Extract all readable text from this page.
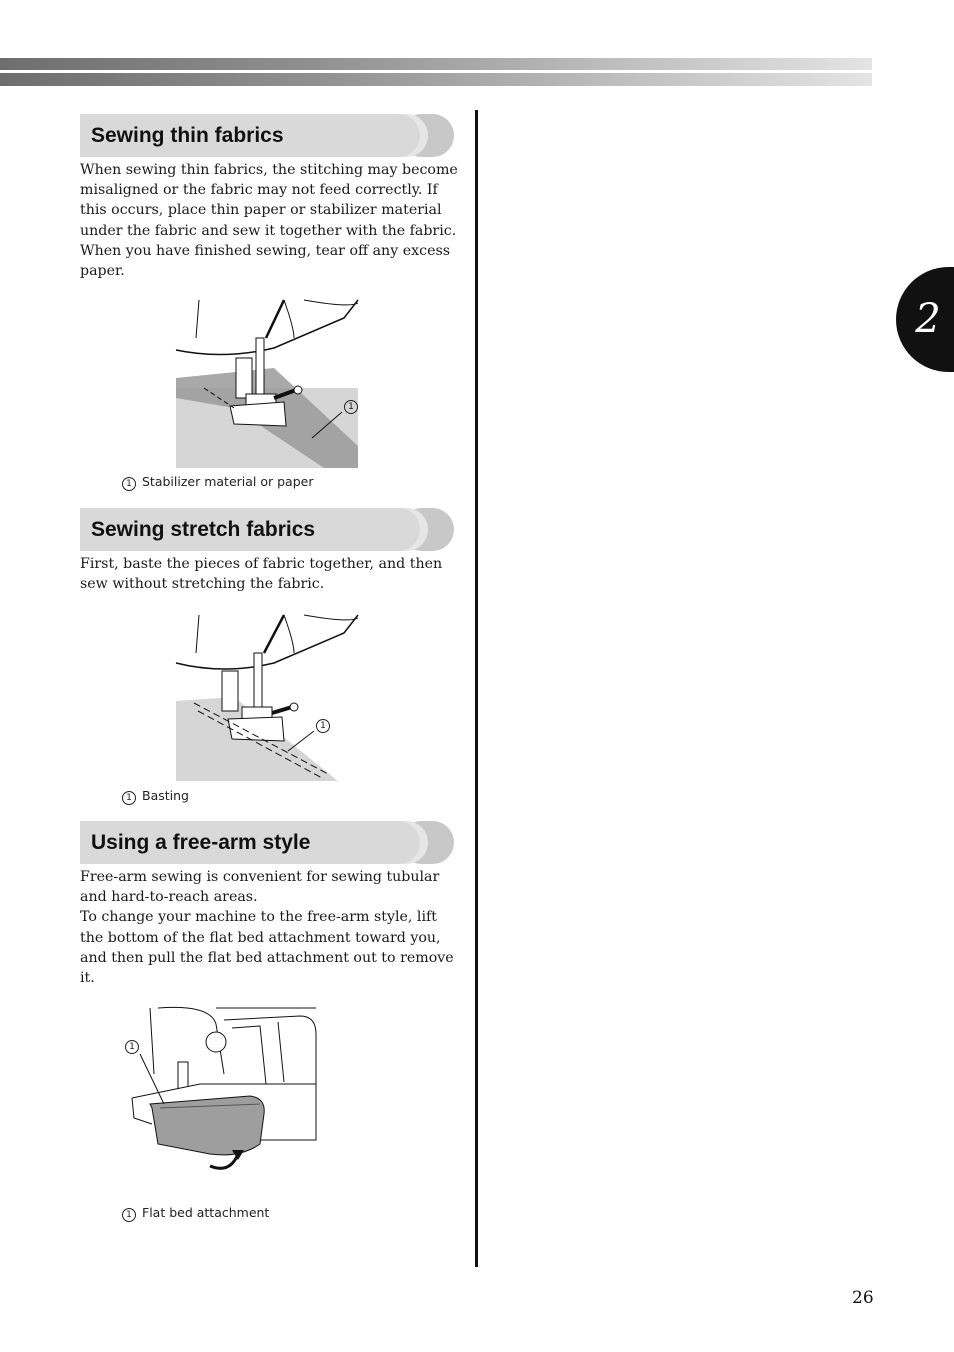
2
Sewing thin fabrics

When sewing thin fabrics, the stitching may become misaligned or the fabric may not feed correctly. If this occurs, place thin paper or stabilizer material under the fabric and sew it together with the fabric. When you have finished sewing, tear off any excess paper.

1
1 Stabilizer material or paper
Sewing stretch fabrics

First, baste the pieces of fabric together, and then sew without stretching the fabric.

1
1 Basting
Using a free-arm style

Free-arm sewing is convenient for sewing tubular and hard-to-reach areas.

To change your machine to the free-arm style, lift the bottom of the flat bed attachment toward you, and then pull the flat bed attachment out to remove it.

1
1 Flat bed attachment
26
